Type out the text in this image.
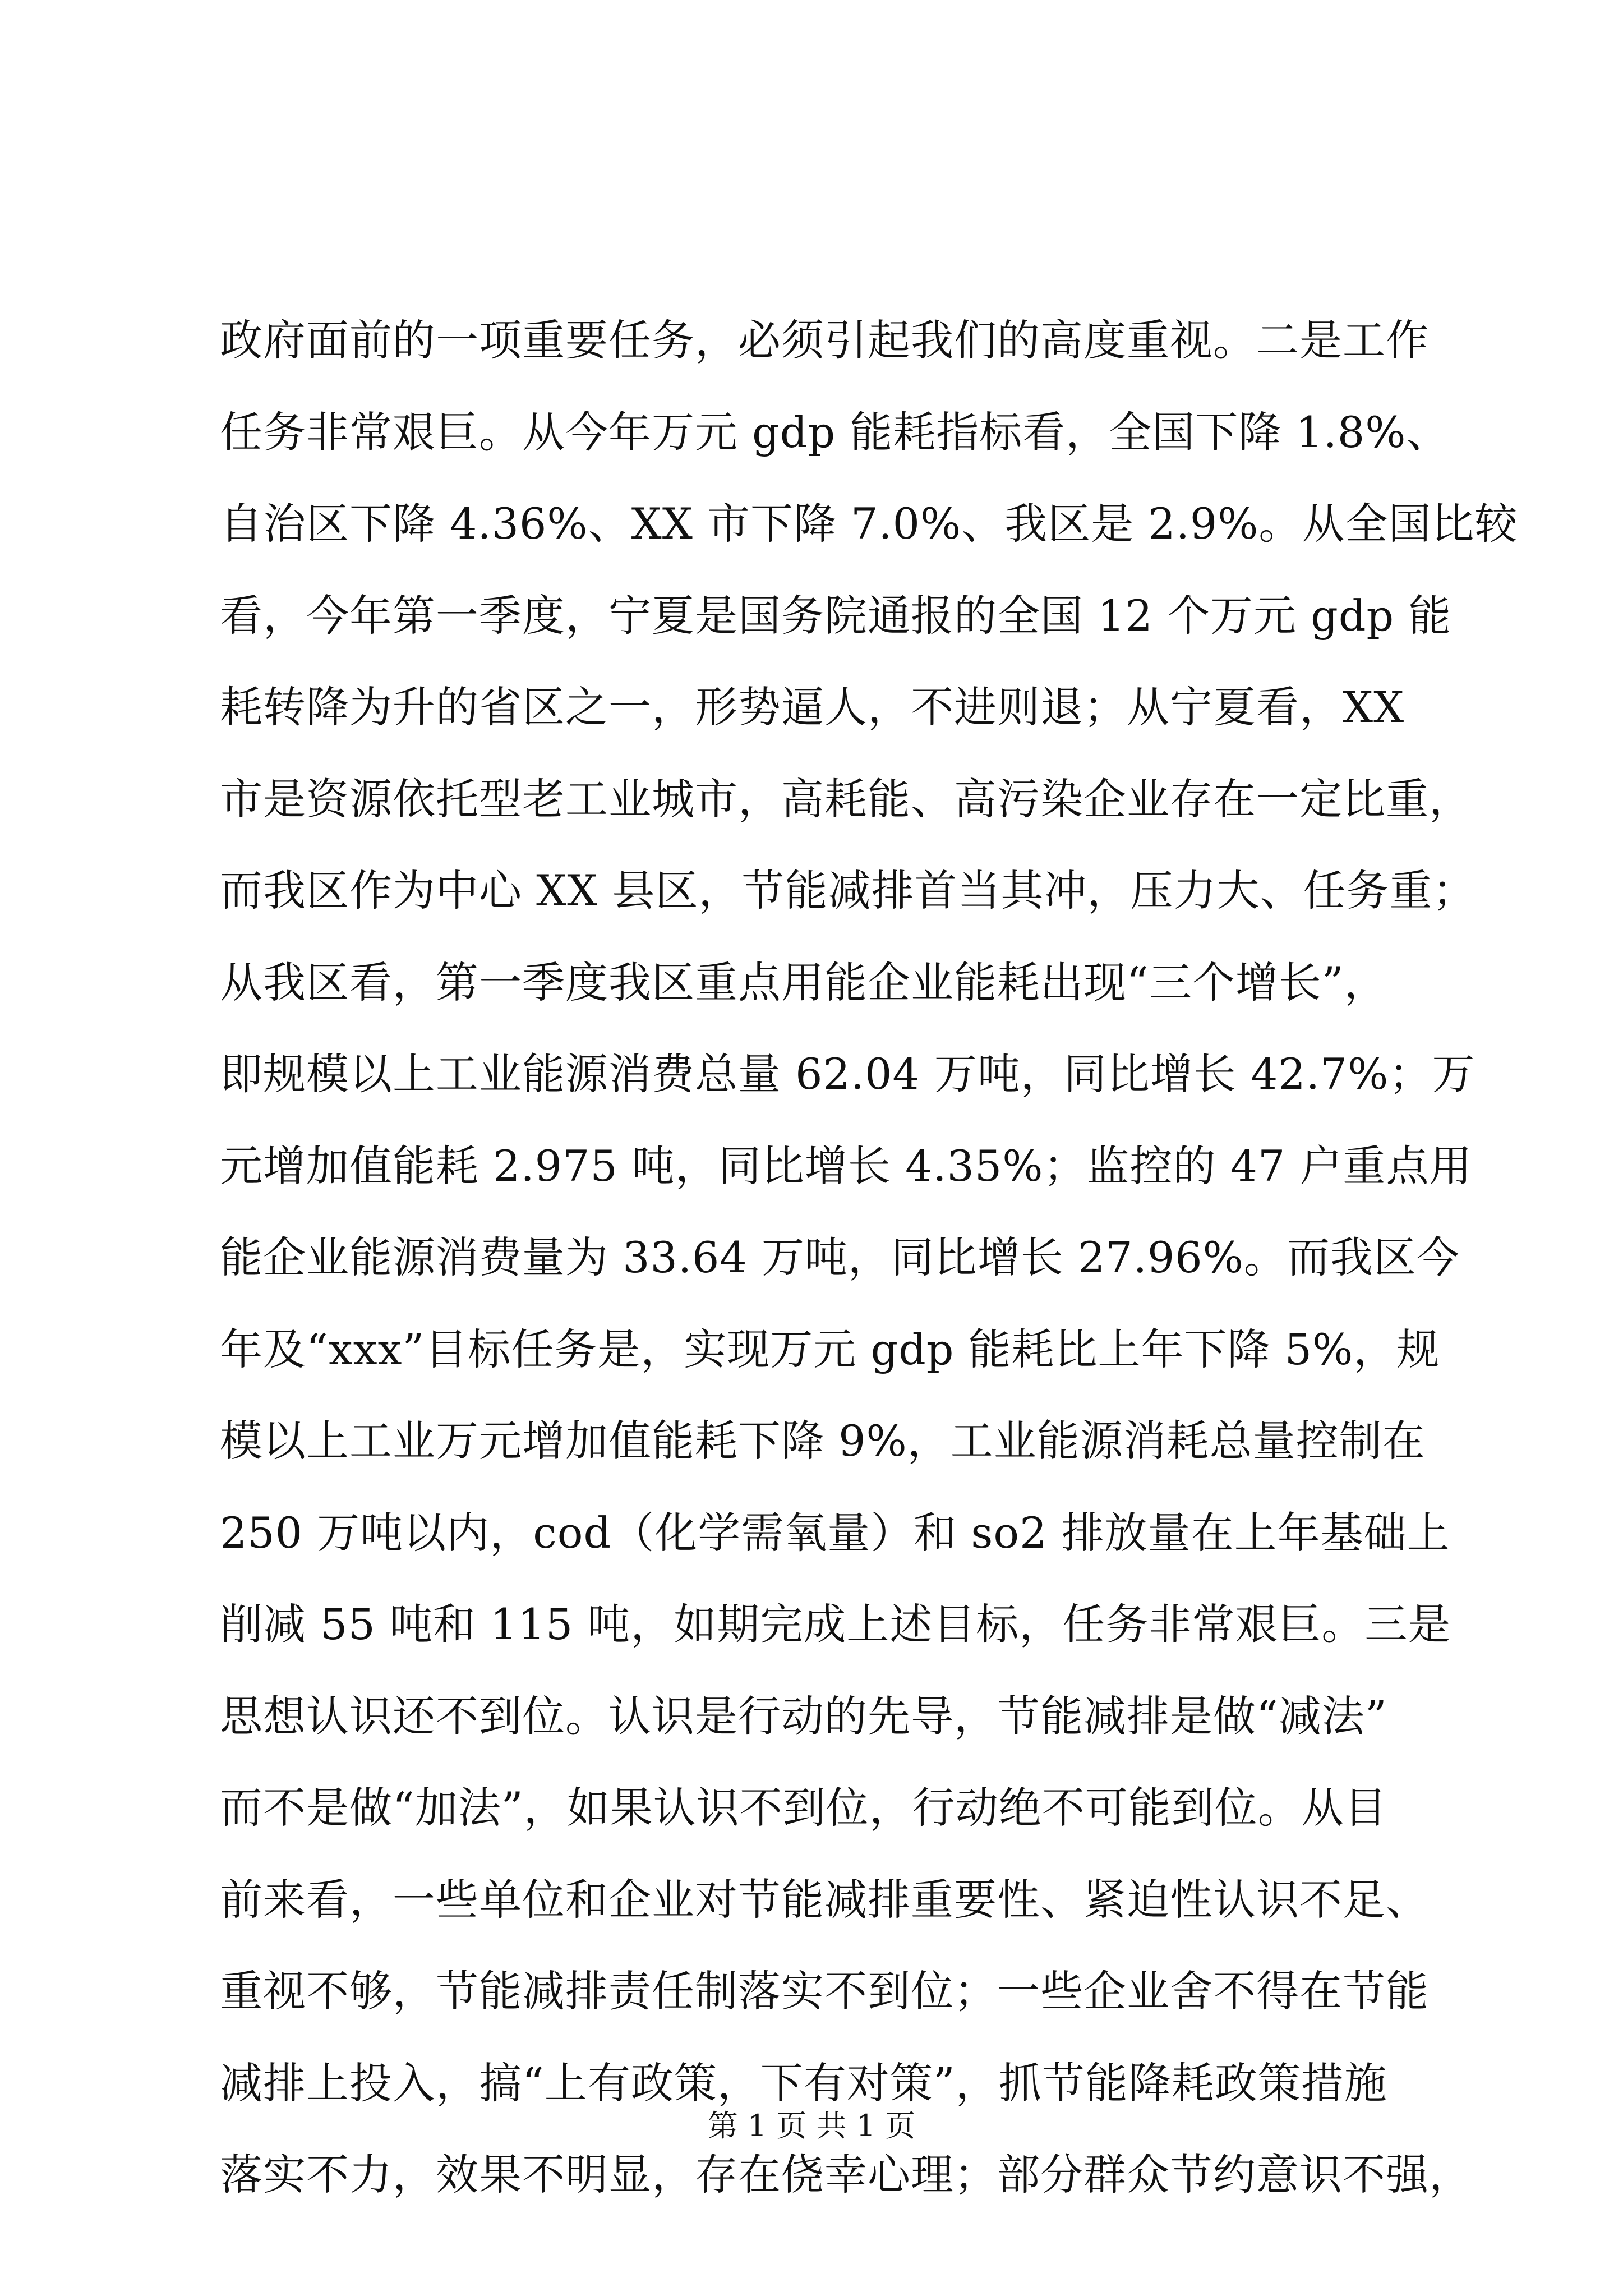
政府面前的一项重要任务，必须引起我们的高度重视。二是工作
任务非常艰巨。从今年万元 gdp 能耗指标看，全国下降 1.8%、
自治区下降 4.36%、XX 市下降 7.0%、我区是 2.9%。从全国比较
看，今年第一季度，宁夏是国务院通报的全国 12 个万元 gdp 能
耗转降为升的省区之一，形势逼人，不进则退；从宁夏看，XX
市是资源依托型老工业城市，高耗能、高污染企业存在一定比重，
而我区作为中心 XX 县区，节能减排首当其冲，压力大、任务重；
从我区看，第一季度我区重点用能企业能耗出现“三个增长”，
即规模以上工业能源消费总量 62.04 万吨，同比增长 42.7%；万
元增加值能耗 2.975 吨，同比增长 4.35%；监控的 47 户重点用
能企业能源消费量为 33.64 万吨，同比增长 27.96%。而我区今
年及“xxx”目标任务是，实现万元 gdp 能耗比上年下降 5%，规
模以上工业万元增加值能耗下降 9%，工业能源消耗总量控制在
250 万吨以内，cod（化学需氧量）和 so2 排放量在上年基础上
削减 55 吨和 115 吨，如期完成上述目标，任务非常艰巨。三是
思想认识还不到位。认识是行动的先导，节能减排是做“减法”
而不是做“加法”，如果认识不到位，行动绝不可能到位。从目
前来看，一些单位和企业对节能减排重要性、紧迫性认识不足、
重视不够，节能减排责任制落实不到位；一些企业舍不得在节能
减排上投入，搞“上有政策，下有对策”，抓节能降耗政策措施
落实不力，效果不明显，存在侥幸心理；部分群众节约意识不强，
第 1 页 共 1 页
